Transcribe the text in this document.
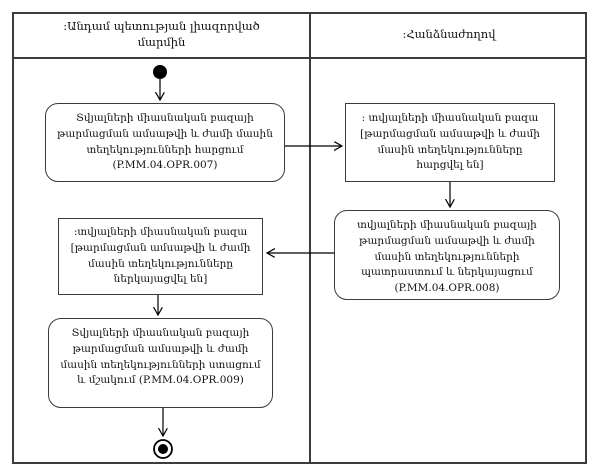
:Անդամ պետության լիազորված մարմին
:Հանձնաժողով
Տվյալների միասնական բազայի թարմացման ամսաթվի և ժամի մասին տեղեկությունների հարցում (P.MM.04.OPR.007)
: տվյալների միասնական բազա [թարմացման ամսաթվի և ժամի մասին տեղեկությունները հարցվել են]
տվյալների միասնական բազայի թարմացման ամսաթվի և ժամի մասին տեղեկությունների պատրաստում և ներկայացում (P.MM.04.OPR.008)
:տվյալների միասնական բազա [թարմացման ամսաթվի և ժամի մասին տեղեկությունները ներկայացվել են]
Տվյալների միասնական բազայի թարմացման ամսաթվի և ժամի մասին տեղեկությունների ստացում և մշակում (P.MM.04.OPR.009)
